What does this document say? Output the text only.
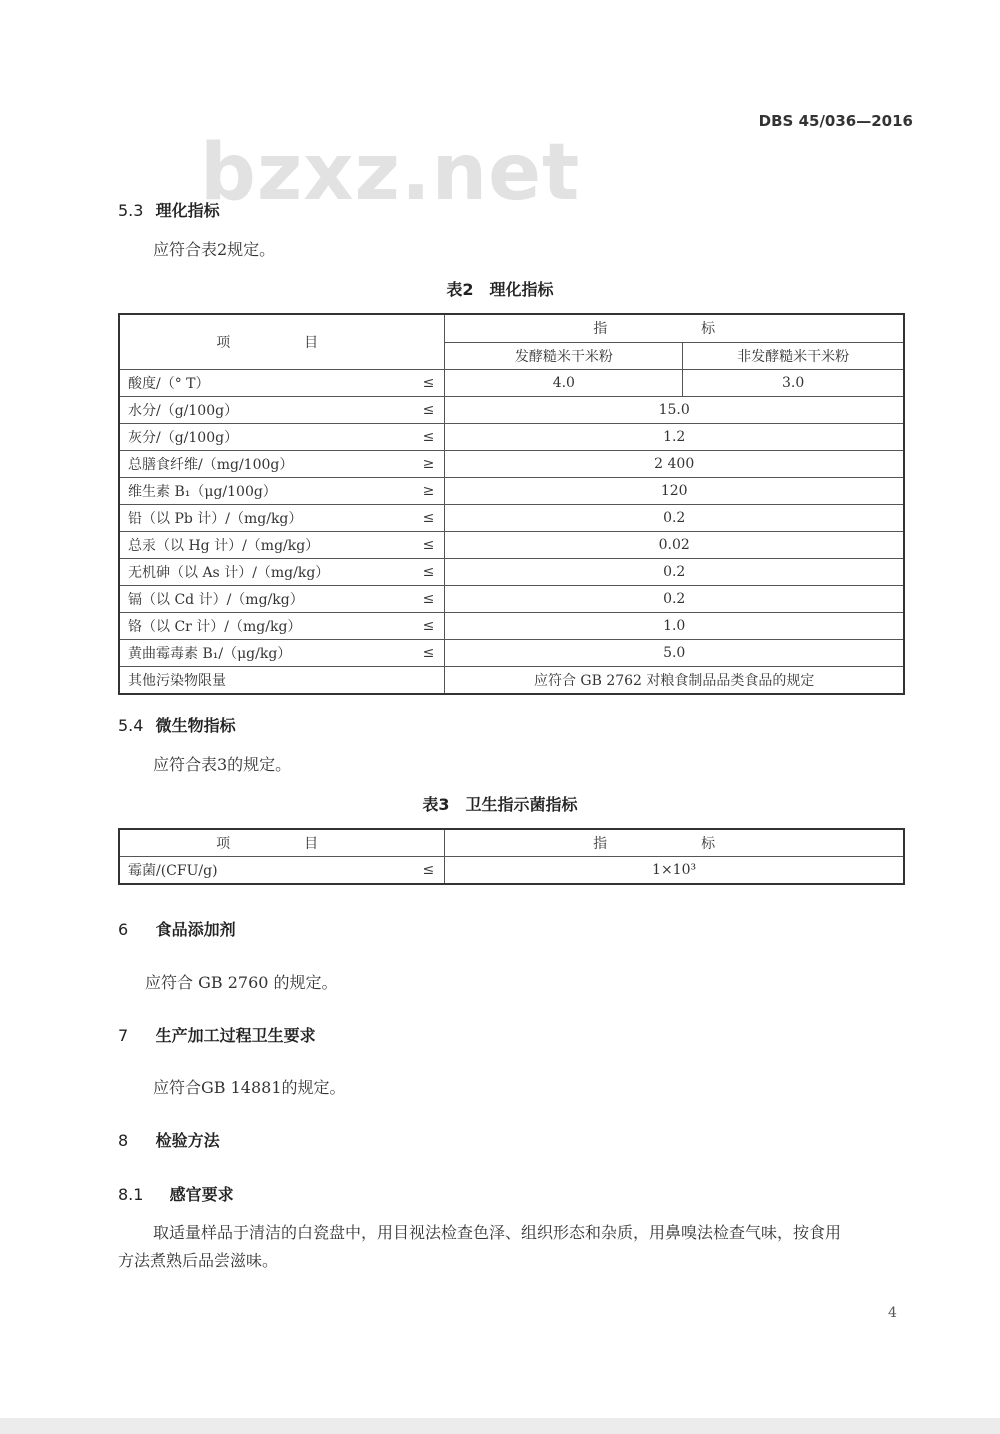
DBS 45/036—2016
bzxz.net
5.3 理化指标
应符合表2规定。
表2　理化指标
项　目		指　标	
		发酵糙米干米粉	非发酵糙米干米粉
酸度/（° T）	≤	4.0	3.0
水分/（g/100g）	≤	15.0	
灰分/（g/100g）	≤	1.2	
总膳食纤维/（mg/100g）	≥	2 400	
维生素 B₁（μg/100g）	≥	120	
铅（以 Pb 计）/（mg/kg）	≤	0.2	
总汞（以 Hg 计）/（mg/kg）	≤	0.02	
无机砷（以 As 计）/（mg/kg）	≤	0.2	
镉（以 Cd 计）/（mg/kg）	≤	0.2	
铬（以 Cr 计）/（mg/kg）	≤	1.0	
黄曲霉毒素 B₁/（μg/kg）	≤	5.0	
其他污染物限量		应符合 GB 2762 对粮食制品品类食品的规定	
5.4 微生物指标
应符合表3的规定。
表3　卫生指示菌指标
项　目		指　标
霉菌/(CFU/g)	≤	1×10³
6 食品添加剂
应符合 GB 2760 的规定。
7 生产加工过程卫生要求
应符合GB 14881的规定。
8 检验方法
8.1 感官要求
取适量样品于清洁的白瓷盘中，用目视法检查色泽、组织形态和杂质，用鼻嗅法检查气味，按食用
方法煮熟后品尝滋味。
4
